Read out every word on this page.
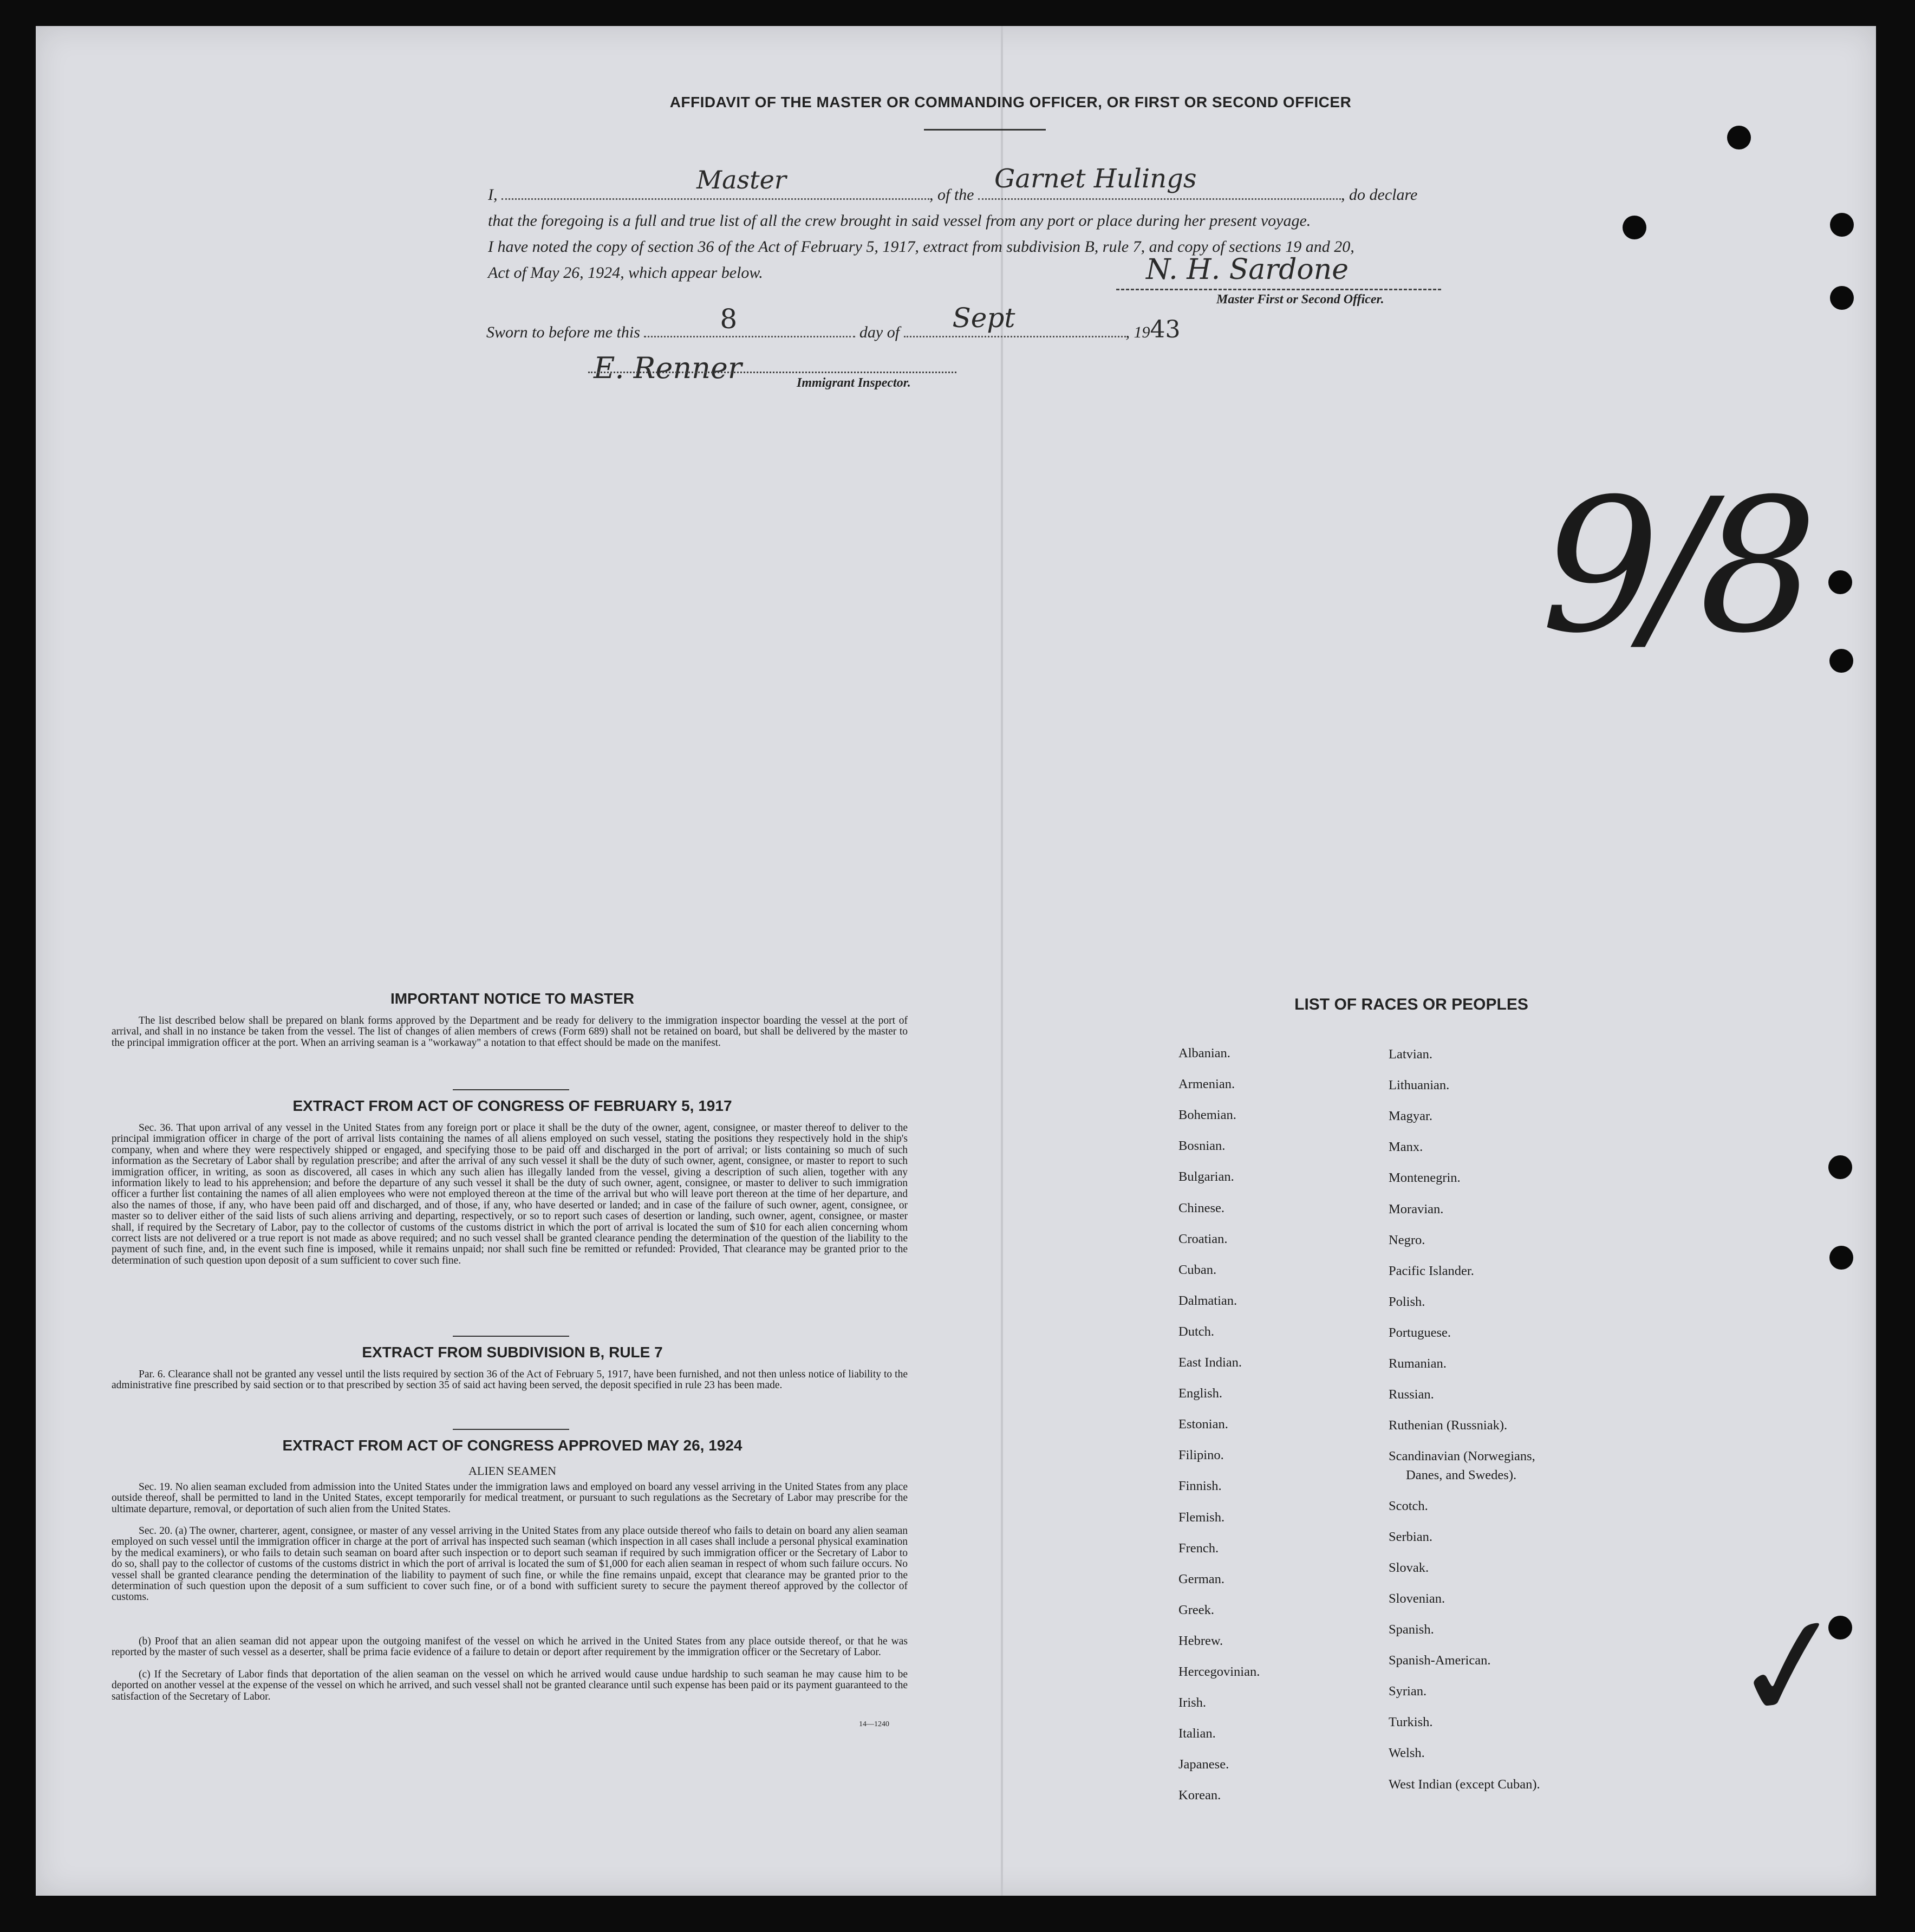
AFFIDAVIT OF THE MASTER OR COMMANDING OFFICER, OR FIRST OR SECOND OFFICER
I,
Master
, of the
Garnet Hulings
, do declare
that the foregoing is a full and true list of all the crew brought in said vessel from any port or place during her present voyage.
I have noted the copy of section 36 of the Act of February 5, 1917, extract from subdivision B, rule 7, and copy of sections 19 and 20,
Act of May 26, 1924, which appear below.	N. H. Sardone
Master First or Second Officer.
Sworn to before me this	8	day of Sept	, 1943
E. Renner	Immigrant Inspector.
9/8
✓
IMPORTANT NOTICE TO MASTER

The list described below shall be prepared on blank forms approved by the Department and be ready for delivery to the immigration inspector boarding the vessel at the port of arrival, and shall in no instance be taken from the vessel. The list of changes of alien members of crews (Form 689) shall not be retained on board, but shall be delivered by the master to the principal immigration officer at the port. When an arriving seaman is a "workaway" a notation to that effect should be made on the manifest.

EXTRACT FROM ACT OF CONGRESS OF FEBRUARY 5, 1917

Sec. 36. That upon arrival of any vessel in the United States from any foreign port or place it shall be the duty of the owner, agent, consignee, or master thereof to deliver to the principal immigration officer in charge of the port of arrival lists containing the names of all aliens employed on such vessel, stating the positions they respectively hold in the ship's company, when and where they were respectively shipped or engaged, and specifying those to be paid off and discharged in the port of arrival; or lists containing so much of such information as the Secretary of Labor shall by regulation prescribe; and after the arrival of any such vessel it shall be the duty of such owner, agent, consignee, or master to report to such immigration officer, in writing, as soon as discovered, all cases in which any such alien has illegally landed from the vessel, giving a description of such alien, together with any information likely to lead to his apprehension; and before the departure of any such vessel it shall be the duty of such owner, agent, consignee, or master to deliver to such immigration officer a further list containing the names of all alien employees who were not employed thereon at the time of the arrival but who will leave port thereon at the time of her departure, and also the names of those, if any, who have been paid off and discharged, and of those, if any, who have deserted or landed; and in case of the failure of such owner, agent, consignee, or master so to deliver either of the said lists of such aliens arriving and departing, respectively, or so to report such cases of desertion or landing, such owner, agent, consignee, or master shall, if required by the Secretary of Labor, pay to the collector of customs of the customs district in which the port of arrival is located the sum of $10 for each alien concerning whom correct lists are not delivered or a true report is not made as above required; and no such vessel shall be granted clearance pending the determination of the question of the liability to the payment of such fine, and, in the event such fine is imposed, while it remains unpaid; nor shall such fine be remitted or refunded: Provided, That clearance may be granted prior to the determination of such question upon deposit of a sum sufficient to cover such fine.

EXTRACT FROM SUBDIVISION B, RULE 7

Par. 6. Clearance shall not be granted any vessel until the lists required by section 36 of the Act of February 5, 1917, have been furnished, and not then unless notice of liability to the administrative fine prescribed by said section or to that prescribed by section 35 of said act having been served, the deposit specified in rule 23 has been made.

EXTRACT FROM ACT OF CONGRESS APPROVED MAY 26, 1924
ALIEN SEAMEN

Sec. 19. No alien seaman excluded from admission into the United States under the immigration laws and employed on board any vessel arriving in the United States from any place outside thereof, shall be permitted to land in the United States, except temporarily for medical treatment, or pursuant to such regulations as the Secretary of Labor may prescribe for the ultimate departure, removal, or deportation of such alien from the United States.

Sec. 20. (a) The owner, charterer, agent, consignee, or master of any vessel arriving in the United States from any place outside thereof who fails to detain on board any alien seaman employed on such vessel until the immigration officer in charge at the port of arrival has inspected such seaman (which inspection in all cases shall include a personal physical examination by the medical examiners), or who fails to detain such seaman on board after such inspection or to deport such seaman if required by such immigration officer or the Secretary of Labor to do so, shall pay to the collector of customs of the customs district in which the port of arrival is located the sum of $1,000 for each alien seaman in respect of whom such failure occurs. No vessel shall be granted clearance pending the determination of the liability to payment of such fine, or while the fine remains unpaid, except that clearance may be granted prior to the determination of such question upon the deposit of a sum sufficient to cover such fine, or of a bond with sufficient surety to secure the payment thereof approved by the collector of customs.

(b) Proof that an alien seaman did not appear upon the outgoing manifest of the vessel on which he arrived in the United States from any place outside thereof, or that he was reported by the master of such vessel as a deserter, shall be prima facie evidence of a failure to detain or deport after requirement by the immigration officer or the Secretary of Labor.

(c) If the Secretary of Labor finds that deportation of the alien seaman on the vessel on which he arrived would cause undue hardship to such seaman he may cause him to be deported on another vessel at the expense of the vessel on which he arrived, and such vessel shall not be granted clearance until such expense has been paid or its payment guaranteed to the satisfaction of the Secretary of Labor.

14—1240
LIST OF RACES OR PEOPLES
Albanian.
Armenian.
Bohemian.
Bosnian.
Bulgarian.
Chinese.
Croatian.
Cuban.
Dalmatian.
Dutch.
East Indian.
English.
Estonian.
Filipino.
Finnish.
Flemish.
French.
German.
Greek.
Hebrew.
Hercegovinian.
Irish.
Italian.
Japanese.
Korean.
Latvian.
Lithuanian.
Magyar.
Manx.
Montenegrin.
Moravian.
Negro.
Pacific Islander.
Polish.
Portuguese.
Rumanian.
Russian.
Ruthenian (Russniak).
Scandinavian (Norwegians,
Danes, and Swedes).
Scotch.
Serbian.
Slovak.
Slovenian.
Spanish.
Spanish-American.
Syrian.
Turkish.
Welsh.
West Indian (except Cuban).
